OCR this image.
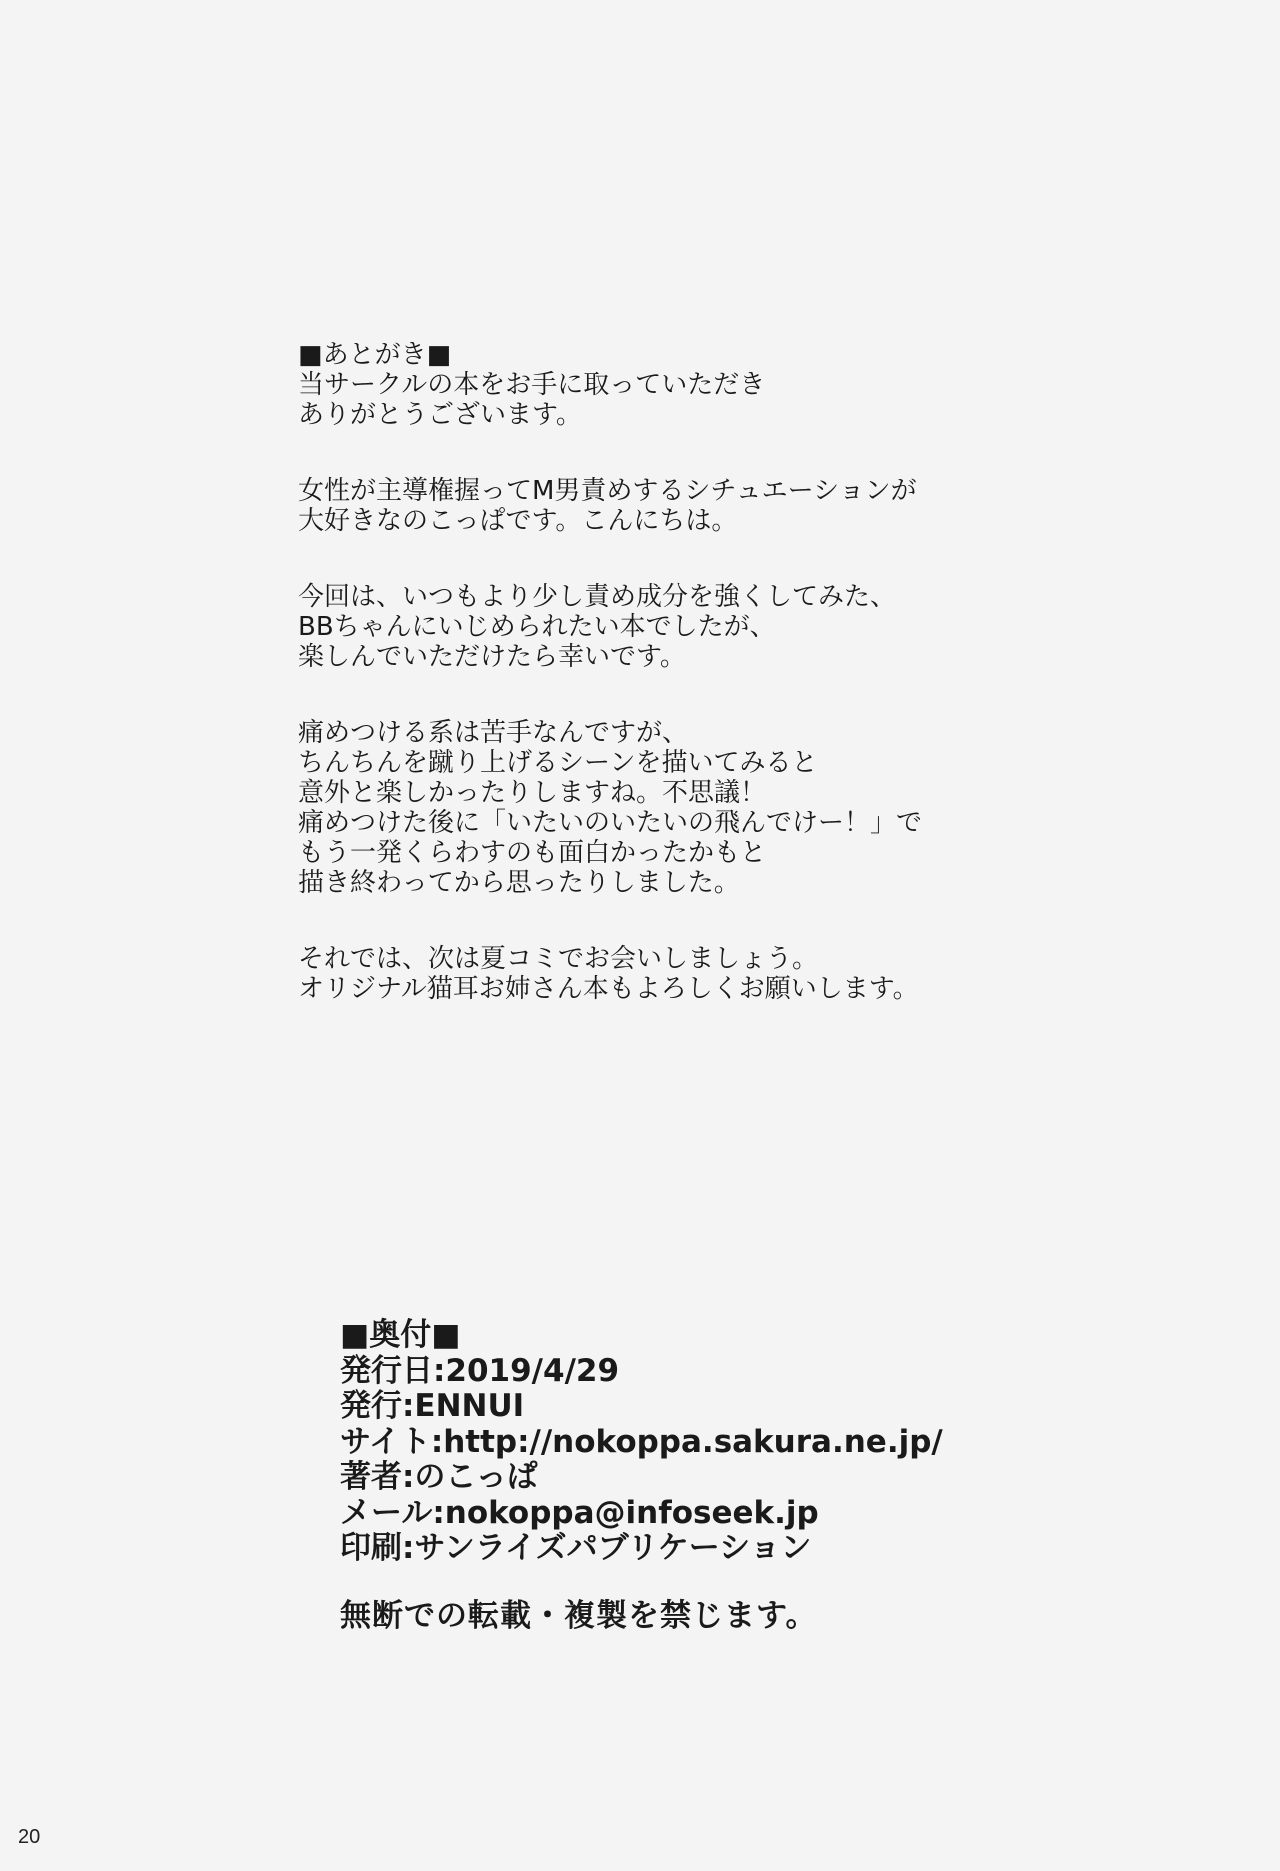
■あとがき■
当サークルの本をお手に取っていただき
ありがとうございます。
女性が主導権握ってM男責めするシチュエーションが
大好きなのこっぱです。こんにちは。
今回は、いつもより少し責め成分を強くしてみた、
BBちゃんにいじめられたい本でしたが、
楽しんでいただけたら幸いです。
痛めつける系は苦手なんですが、
ちんちんを蹴り上げるシーンを描いてみると
意外と楽しかったりしますね。不思議！
痛めつけた後に「いたいのいたいの飛んでけー！」で
もう一発くらわすのも面白かったかもと
描き終わってから思ったりしました。
それでは、次は夏コミでお会いしましょう。
オリジナル猫耳お姉さん本もよろしくお願いします。
■奥付■
発行日:2019/4/29
発行:ENNUI
サイト:http://nokoppa.sakura.ne.jp/
著者:のこっぱ
メール:nokoppa@infoseek.jp
印刷:サンライズパブリケーション
無断での転載・複製を禁じます。
20
